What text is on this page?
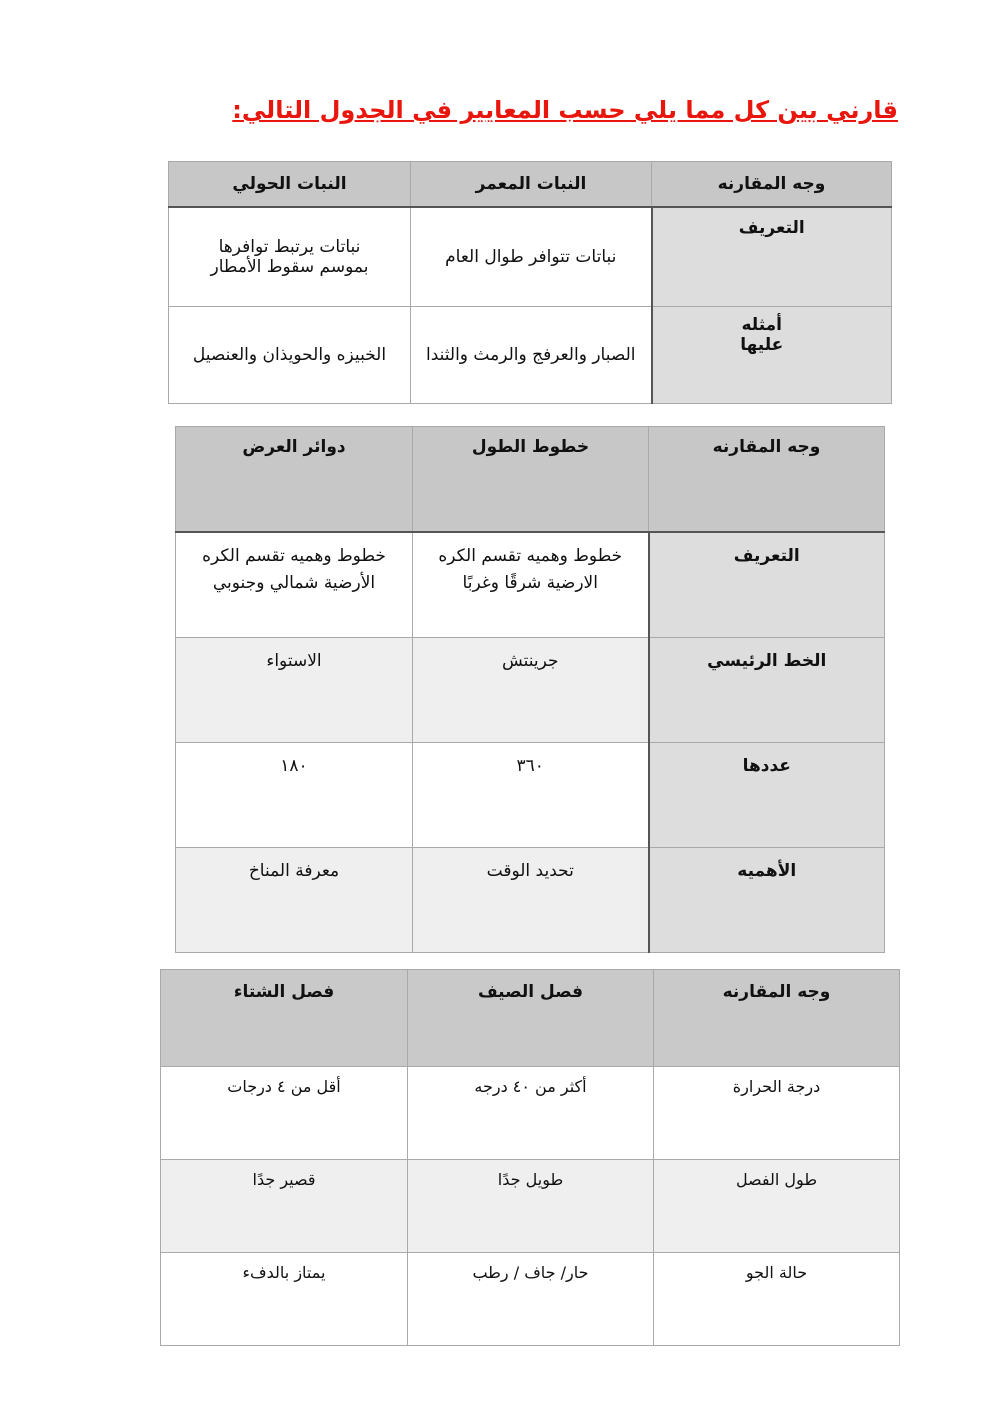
قارني بين كل مما يلي حسب المعايير في الجدول التالي:
وجه المقارنه	النبات المعمر	النبات الحولي
التعريف	نباتات تتوافر طوال العام	نباتات يرتبط توافرها بموسم سقوط الأمطار
أمثله عليها	الصبار والعرفج والرمث والثندا	الخبيزه والحويذان والعنصيل
وجه المقارنه	خطوط الطول	دوائر العرض
التعريف	خطوط وهميه تقسم الكره الارضية شرقًا وغربًا	خطوط وهميه تقسم الكره الأرضية شمالي وجنوبي
الخط الرئيسي	جرينتش	الاستواء
عددها	٣٦٠	١٨٠
الأهميه	تحديد الوقت	معرفة المناخ
وجه المقارنه	فصل الصيف	فصل الشتاء
درجة الحرارة	أكثر من ٤٠ درجه	أقل من ٤ درجات
طول الفصل	طويل جدًا	قصير جدًا
حالة الجو	حار/ جاف / رطب	يمتاز بالدفء
